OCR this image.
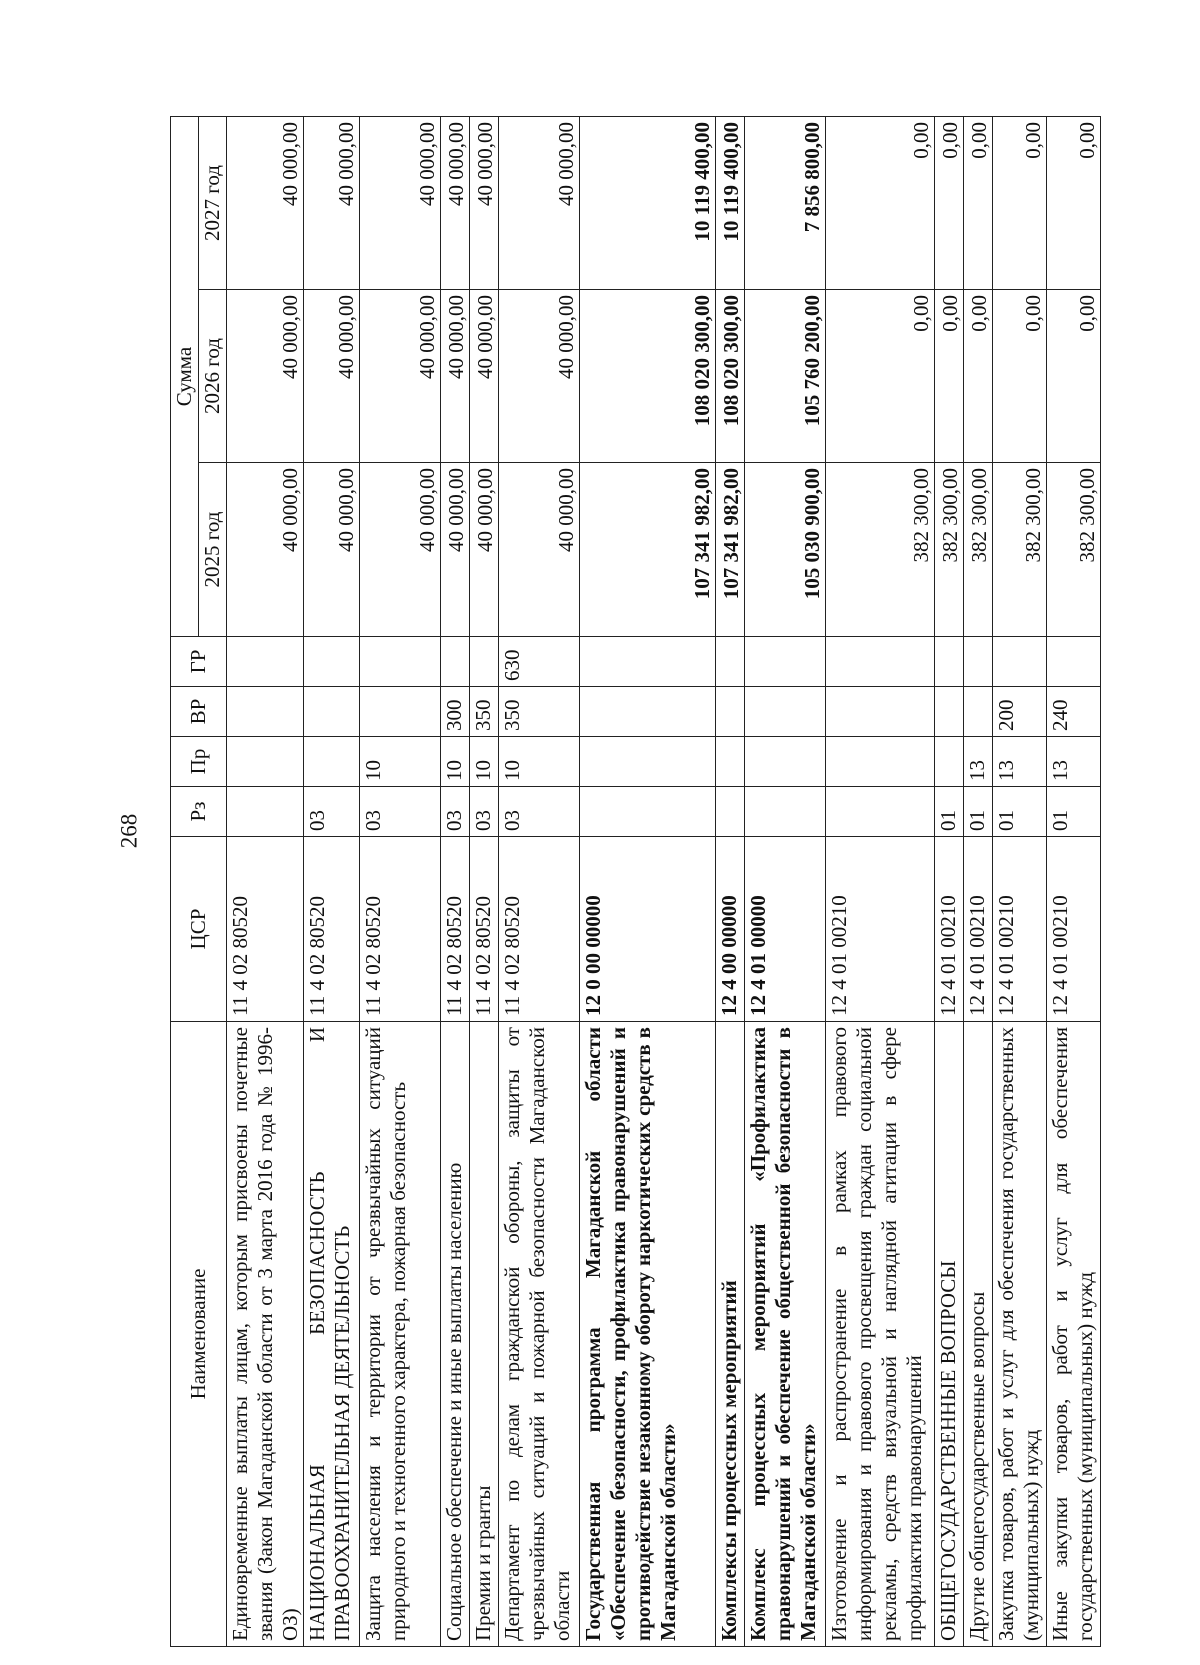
268
Наименование	ЦСР	Рз	Пр	ВР	ГР	Сумма		
						2025 год	2026 год	2027 год
Единовременные выплаты лицам, которым присвоены почетные звания (Закон Магаданской области от 3 марта 2016 года № 1996-ОЗ)	11 4 02 80520					40 000,00	40 000,00	40 000,00
НАЦИОНАЛЬНАЯ БЕЗОПАСНОСТЬ И ПРАВООХРАНИТЕЛЬНАЯ ДЕЯТЕЛЬНОСТЬ	11 4 02 80520	03				40 000,00	40 000,00	40 000,00
Защита населения и территории от чрезвычайных ситуаций природного и техногенного характера, пожарная безопасность	11 4 02 80520	03	10			40 000,00	40 000,00	40 000,00
Социальное обеспечение и иные выплаты населению	11 4 02 80520	03	10	300		40 000,00	40 000,00	40 000,00
Премии и гранты	11 4 02 80520	03	10	350		40 000,00	40 000,00	40 000,00
Департамент по делам гражданской обороны, защиты от чрезвычайных ситуаций и пожарной безопасности Магаданской области	11 4 02 80520	03	10	350	630	40 000,00	40 000,00	40 000,00
Государственная программа Магаданской области «Обеспечение безопасности, профилактика правонарушений и противодействие незаконному обороту наркотических средств в Магаданской области»	12 0 00 00000					107 341 982,00	108 020 300,00	10 119 400,00
Комплексы процессных мероприятий	12 4 00 00000					107 341 982,00	108 020 300,00	10 119 400,00
Комплекс процессных мероприятий «Профилактика правонарушений и обеспечение общественной безопасности в Магаданской области»	12 4 01 00000					105 030 900,00	105 760 200,00	7 856 800,00
Изготовление и распространение в рамках правового информирования и правового просвещения граждан социальной рекламы, средств визуальной и наглядной агитации в сфере профилактики правонарушений	12 4 01 00210					382 300,00	0,00	0,00
ОБЩЕГОСУДАРСТВЕННЫЕ ВОПРОСЫ	12 4 01 00210	01				382 300,00	0,00	0,00
Другие общегосударственные вопросы	12 4 01 00210	01	13			382 300,00	0,00	0,00
Закупка товаров, работ и услуг для обеспечения государственных (муниципальных) нужд	12 4 01 00210	01	13	200		382 300,00	0,00	0,00
Иные закупки товаров, работ и услуг для обеспечения государственных (муниципальных) нужд	12 4 01 00210	01	13	240		382 300,00	0,00	0,00
